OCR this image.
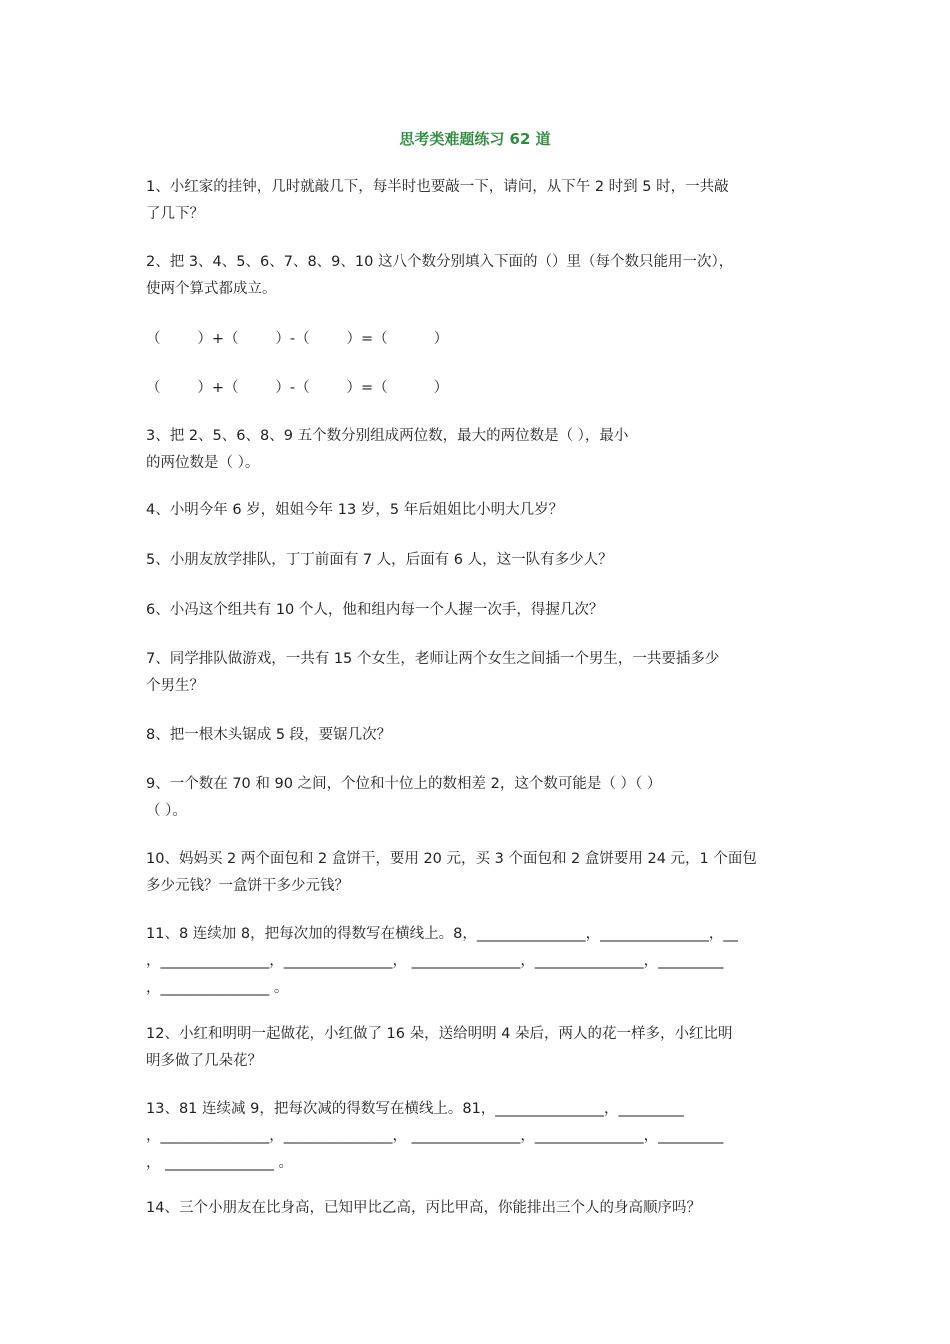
思考类难题练习 62 道
1、小红家的挂钟，几时就敲几下，每半时也要敲一下，请问，从下午 2 时到 5 时，一共敲
了几下？
2、把 3、4、5、6、7、8、9、10 这八个数分别填入下面的（）里（每个数只能用一次），
使两个算式都成立。
（        ）+（        ）-（        ）=（          ）
（        ）+（        ）-（        ）=（          ）
3、把 2、5、6、8、9 五个数分别组成两位数，最大的两位数是（ ），最小
的两位数是（ ）。
4、小明今年 6 岁，姐姐今年 13 岁，5 年后姐姐比小明大几岁？
5、小朋友放学排队，丁丁前面有 7 人，后面有 6 人，这一队有多少人？
6、小冯这个组共有 10 个人，他和组内每一个人握一次手，得握几次？
7、同学排队做游戏，一共有 15 个女生，老师让两个女生之间插一个男生，一共要插多少
个男生？
8、把一根木头锯成 5 段，要锯几次？
9、一个数在 70 和 90 之间，个位和十位上的数相差 2，这个数可能是（ ）（ ）
（ ）。
10、妈妈买 2 两个面包和 2 盒饼干，要用 20 元，买 3 个面包和 2 盒饼要用 24 元，1 个面包
多少元钱？一盒饼干多少元钱？
11、8 连续加 8，把每次加的得数写在横线上。8，_______________，_______________，__
，_______________，_______________， _______________，_______________，_________
，_______________ 。
12、小红和明明一起做花，小红做了 16 朵，送给明明 4 朵后，两人的花一样多，小红比明
明多做了几朵花？
13、81 连续减 9，把每次减的得数写在横线上。81，_______________，_________
，_______________，_______________， _______________，_______________，_________
， _______________ 。
14、三个小朋友在比身高，已知甲比乙高，丙比甲高，你能排出三个人的身高顺序吗？
